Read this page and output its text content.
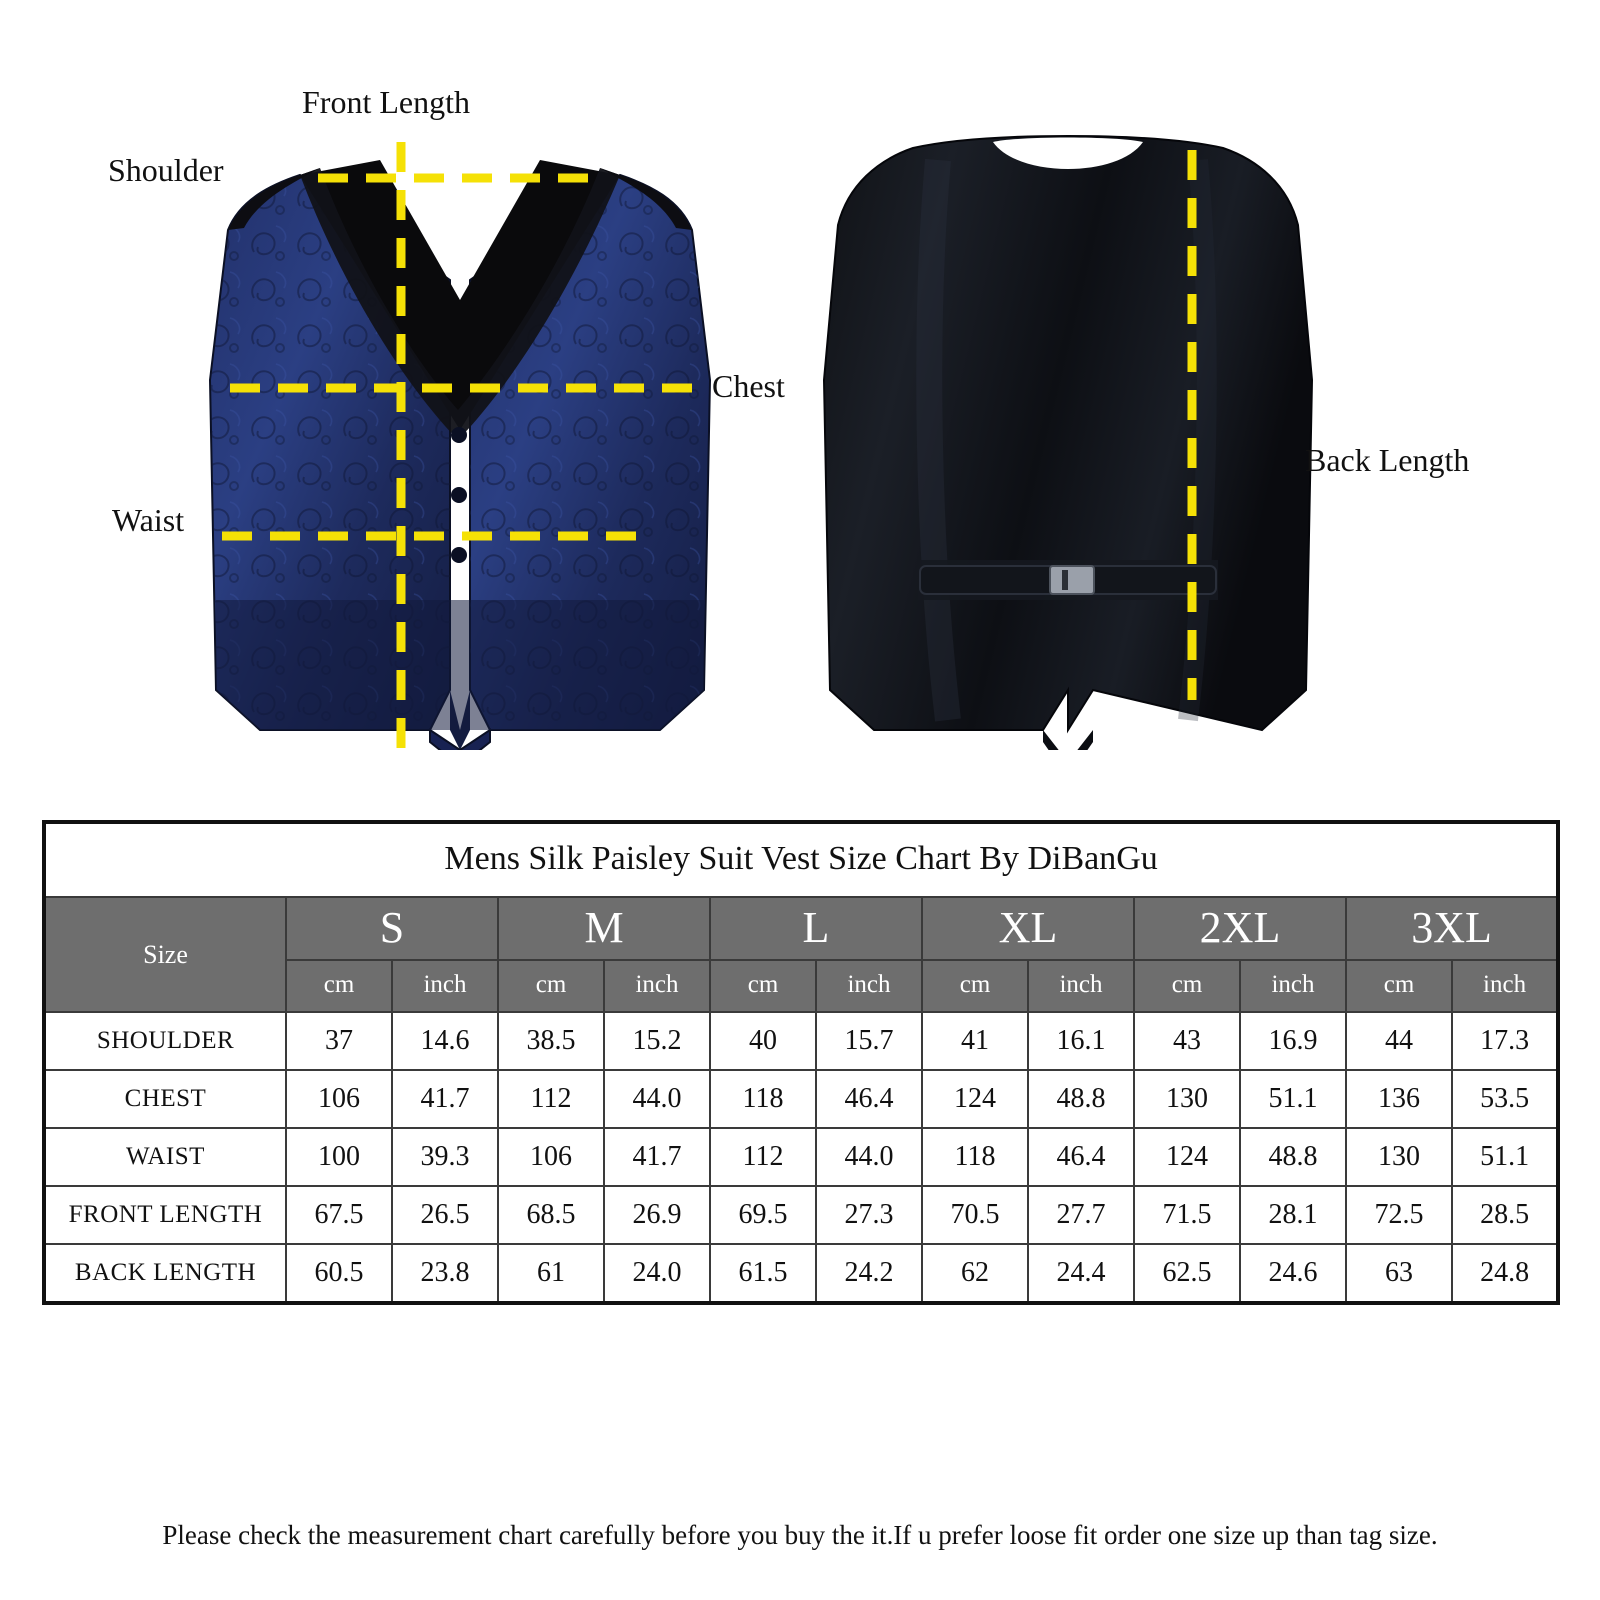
Front Length
Shoulder
Chest
Waist
Back Length
Mens Silk Paisley Suit Vest Size Chart By DiBanGu												
Size	S		M		L		XL		2XL		3XL	
	cm	inch	cm	inch	cm	inch	cm	inch	cm	inch	cm	inch
SHOULDER	37	14.6	38.5	15.2	40	15.7	41	16.1	43	16.9	44	17.3
CHEST	106	41.7	112	44.0	118	46.4	124	48.8	130	51.1	136	53.5
WAIST	100	39.3	106	41.7	112	44.0	118	46.4	124	48.8	130	51.1
FRONT LENGTH	67.5	26.5	68.5	26.9	69.5	27.3	70.5	27.7	71.5	28.1	72.5	28.5
BACK LENGTH	60.5	23.8	61	24.0	61.5	24.2	62	24.4	62.5	24.6	63	24.8
Please check the measurement chart carefully before you buy the it.If u prefer loose fit order one size up than tag size.
